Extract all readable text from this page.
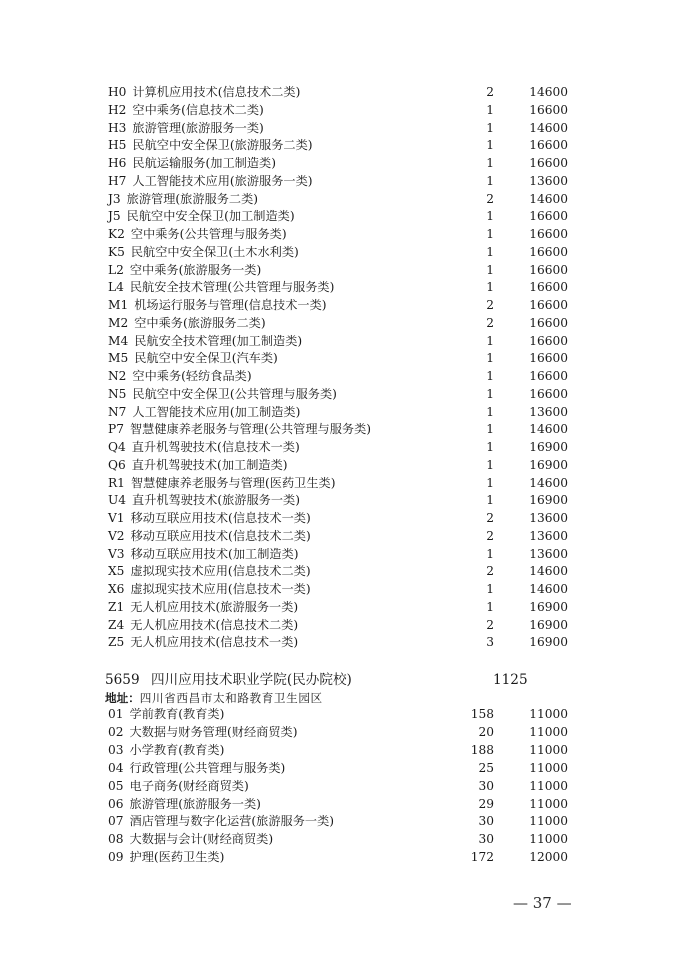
H0 计算机应用技术(信息技术二类)	2	14600
H2 空中乘务(信息技术二类)	1	16600
H3 旅游管理(旅游服务一类)	1	14600
H5 民航空中安全保卫(旅游服务二类)	1	16600
H6 民航运输服务(加工制造类)	1	16600
H7 人工智能技术应用(旅游服务一类)	1	13600
J3 旅游管理(旅游服务二类)	2	14600
J5 民航空中安全保卫(加工制造类)	1	16600
K2 空中乘务(公共管理与服务类)	1	16600
K5 民航空中安全保卫(土木水利类)	1	16600
L2 空中乘务(旅游服务一类)	1	16600
L4 民航安全技术管理(公共管理与服务类)	1	16600
M1 机场运行服务与管理(信息技术一类)	2	16600
M2 空中乘务(旅游服务二类)	2	16600
M4 民航安全技术管理(加工制造类)	1	16600
M5 民航空中安全保卫(汽车类)	1	16600
N2 空中乘务(轻纺食品类)	1	16600
N5 民航空中安全保卫(公共管理与服务类)	1	16600
N7 人工智能技术应用(加工制造类)	1	13600
P7 智慧健康养老服务与管理(公共管理与服务类)	1	14600
Q4 直升机驾驶技术(信息技术一类)	1	16900
Q6 直升机驾驶技术(加工制造类)	1	16900
R1 智慧健康养老服务与管理(医药卫生类)	1	14600
U4 直升机驾驶技术(旅游服务一类)	1	16900
V1 移动互联应用技术(信息技术一类)	2	13600
V2 移动互联应用技术(信息技术二类)	2	13600
V3 移动互联应用技术(加工制造类)	1	13600
X5 虚拟现实技术应用(信息技术二类)	2	14600
X6 虚拟现实技术应用(信息技术一类)	1	14600
Z1 无人机应用技术(旅游服务一类)	1	16900
Z4 无人机应用技术(信息技术二类)	2	16900
Z5 无人机应用技术(信息技术一类)	3	16900
5659 四川应用技术职业学院(民办院校)	1125
地址：四川省西昌市太和路教育卫生园区
01 学前教育(教育类)	158	11000
02 大数据与财务管理(财经商贸类)	20	11000
03 小学教育(教育类)	188	11000
04 行政管理(公共管理与服务类)	25	11000
05 电子商务(财经商贸类)	30	11000
06 旅游管理(旅游服务一类)	29	11000
07 酒店管理与数字化运营(旅游服务一类)	30	11000
08 大数据与会计(财经商贸类)	30	11000
09 护理(医药卫生类)	172	12000
— 37 —
